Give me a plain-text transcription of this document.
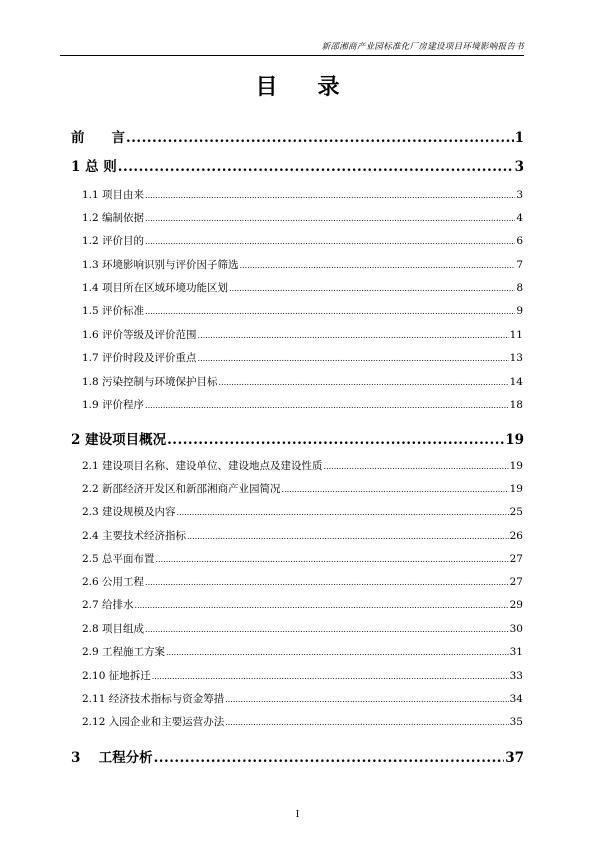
新邵湘商产业园标准化厂房建设项目环境影响报告书
目录
前　　言 .....	1
1 总 则 .....	3
1.1 项目由来 .....	3
1.2 编制依据 .....	4
1.2 评价目的 .....	6
1.3 环境影响识别与评价因子筛选 .....	7
1.4 项目所在区域环境功能区划 .....	8
1.5 评价标准 .....	9
1.6 评价等级及评价范围 .....	11
1.7 评价时段及评价重点 .....	13
1.8 污染控制与环境保护目标 .....	14
1.9 评价程序 .....	18
2 建设项目概况 .....	19
2.1 建设项目名称、建设单位、建设地点及建设性质 .....	19
2.2 新邵经济开发区和新邵湘商产业园简况 .....	19
2.3 建设规模及内容 .....	25
2.4 主要技术经济指标 .....	26
2.5 总平面布置 .....	27
2.6 公用工程 .....	27
2.7 给排水 .....	29
2.8 项目组成 .....	30
2.9 工程施工方案 .....	31
2.10 征地拆迁 .....	33
2.11 经济技术指标与资金筹措 .....	34
2.12 入园企业和主要运营办法 .....	35
3　 工程分析 .....	37
I
